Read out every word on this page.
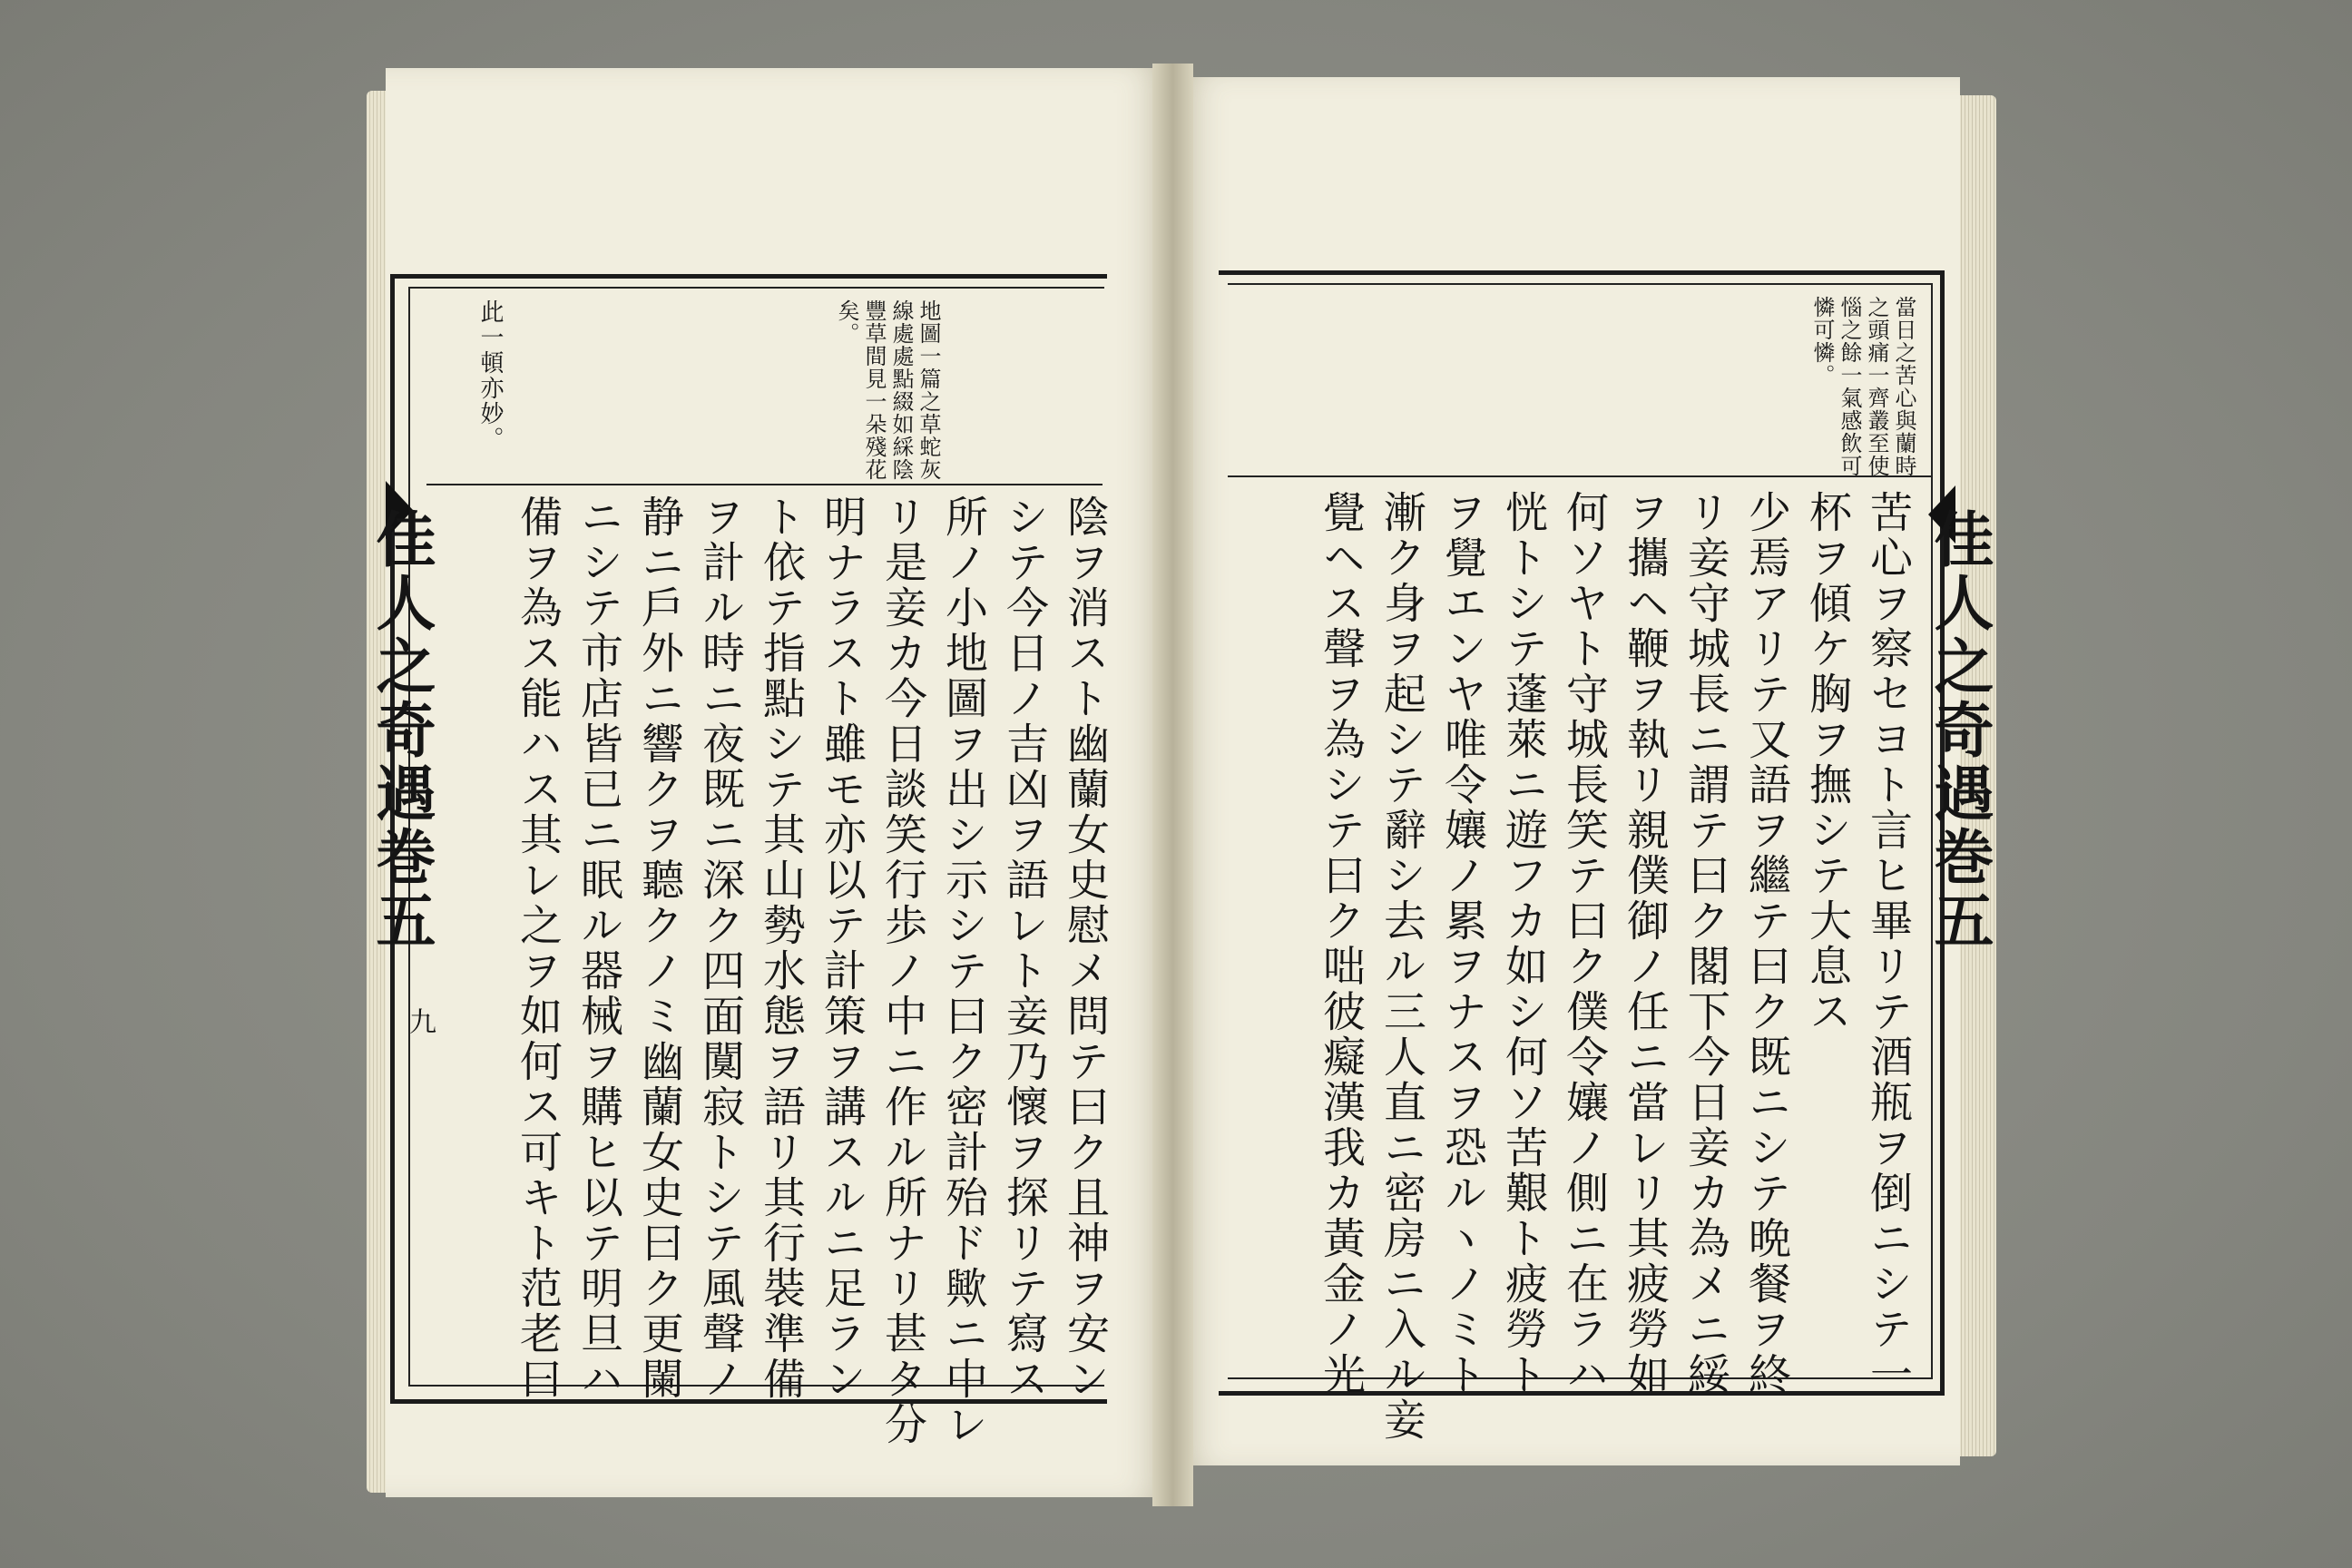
佳人之奇遇巻五
九
此一頓亦妙。	地圖一篇之草蛇灰
線處處點綴如綵陰
豐草間見一朵殘花
矣。
陰ヲ消スト幽蘭女史慰メ問テ曰ク且神ヲ安ン
シテ今日ノ吉凶ヲ語レト妾乃懷ヲ探リテ寫ス
所ノ小地圖ヲ出シ示シテ曰ク密計殆ド歟ニ中レ
リ是妾カ今日談笑行歩ノ中ニ作ル所ナリ甚タ分
明ナラスト雖モ亦以テ計策ヲ講スルニ足ラン
ト依テ指點シテ其山勢水態ヲ語リ其行裝準備
ヲ計ル時ニ夜既ニ深ク四面闃寂トシテ風聲ノ
静ニ戶外ニ響クヲ聽クノミ幽蘭女史曰ク更闌
ニシテ市店皆已ニ眠ル器械ヲ購ヒ以テ明旦ハ
備ヲ為ス能ハス其レ之ヲ如何ス可キト范老曰	佳人之奇遇巻五
當日之苦心與蘭時
之頭痛一齊叢至使
惱之餘一氣感飲可
憐可憐。
苦心ヲ察セヨト言ヒ畢リテ酒瓶ヲ倒ニシテ一
杯ヲ傾ケ胸ヲ撫シテ大息ス
少焉アリテ又語ヲ繼テ曰ク既ニシテ晩餐ヲ終
リ妾守城長ニ謂テ曰ク閣下今日妾カ為メニ綏
ヲ攜ヘ鞭ヲ執リ親僕御ノ任ニ當レリ其疲勞如
何ソヤト守城長笑テ曰ク僕令孃ノ側ニ在ラハ
恍トシテ蓬萊ニ遊フカ如シ何ソ苦艱ト疲勞ト
ヲ覺エンヤ唯令孃ノ累ヲナスヲ恐ルヽノミト
漸ク身ヲ起シテ辭シ去ル三人直ニ密房ニ入ル妾
覺ヘス聲ヲ為シテ曰ク咄彼癡漢我カ黃金ノ光
